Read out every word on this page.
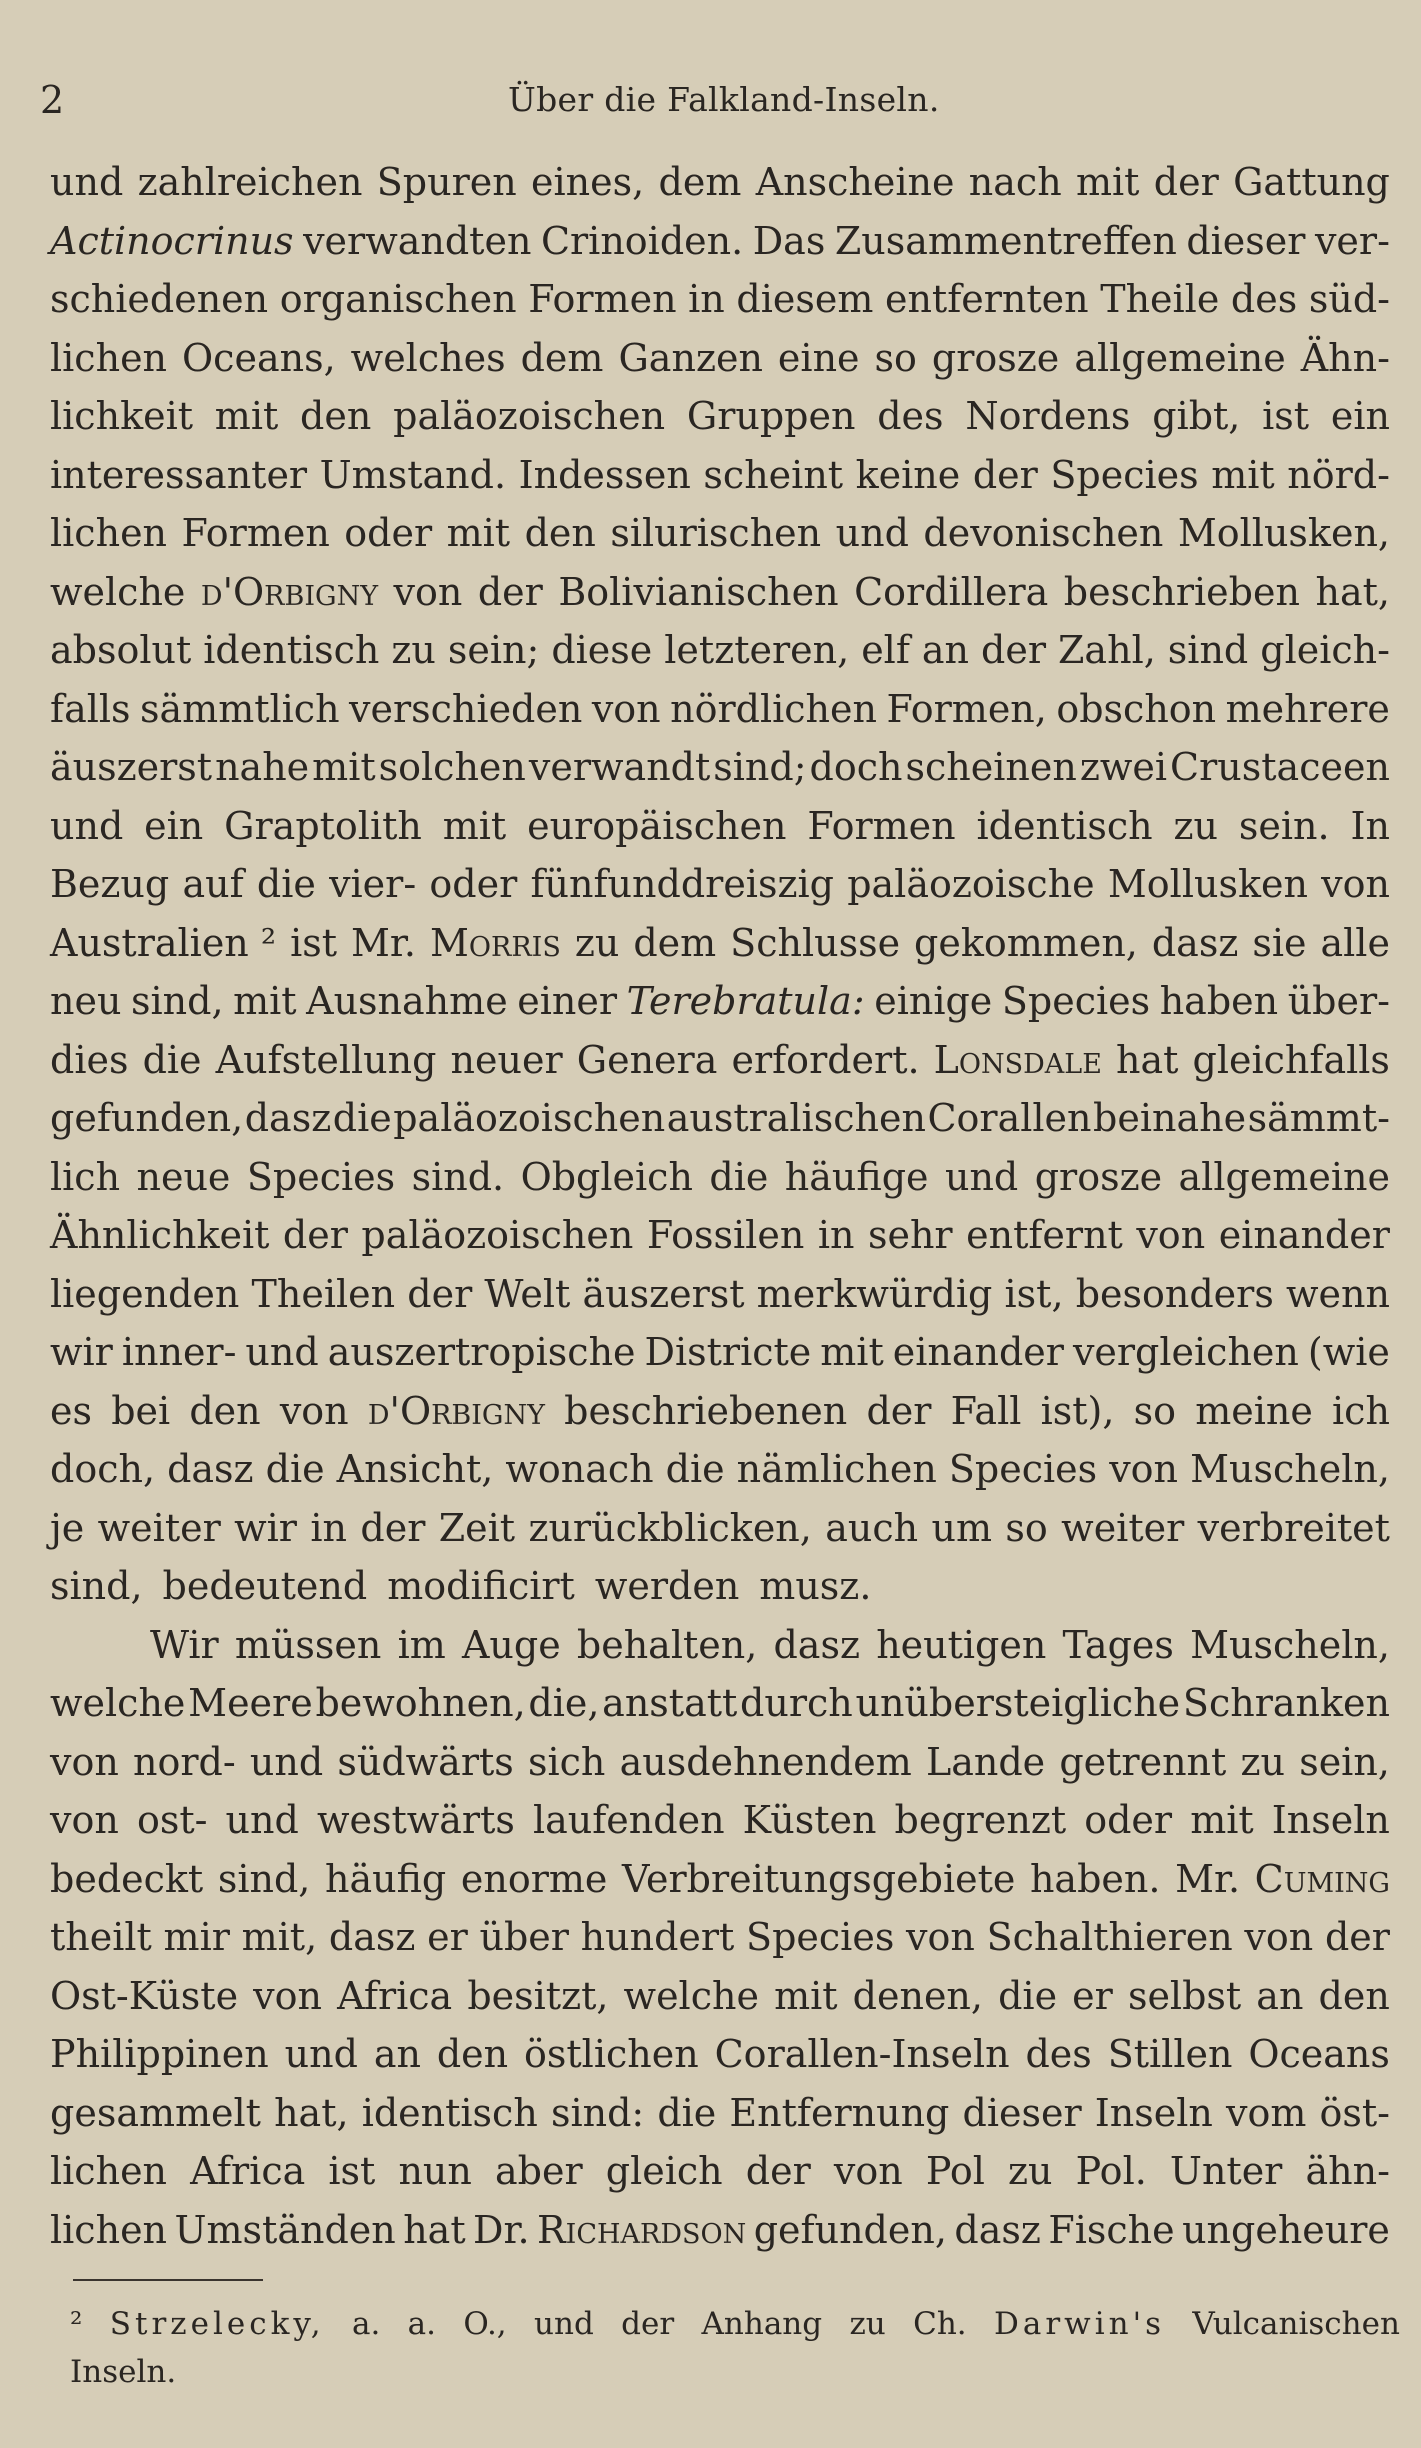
2	Über die Falkland-Inseln.
und zahlreichen Spuren eines, dem Anscheine nach mit der Gattung
Actinocrinus verwandten Crinoiden. Das Zusammentreffen dieser ver-
schiedenen organischen Formen in diesem entfernten Theile des süd-
lichen Oceans, welches dem Ganzen eine so grosze allgemeine Ähn-
lichkeit mit den paläozoischen Gruppen des Nordens gibt, ist ein
interessanter Umstand. Indessen scheint keine der Species mit nörd-
lichen Formen oder mit den silurischen und devonischen Mollusken,
welche d'Orbigny von der Bolivianischen Cordillera beschrieben hat,
absolut identisch zu sein; diese letzteren, elf an der Zahl, sind gleich-
falls sämmtlich verschieden von nördlichen Formen, obschon mehrere
äuszerst nahe mit solchen verwandt sind; doch scheinen zwei Crustaceen
und ein Graptolith mit europäischen Formen identisch zu sein. In
Bezug auf die vier- oder fünfunddreiszig paläozoische Mollusken von
Australien ² ist Mr. Morris zu dem Schlusse gekommen, dasz sie alle
neu sind, mit Ausnahme einer Terebratula: einige Species haben über-
dies die Aufstellung neuer Genera erfordert. Lonsdale hat gleichfalls
gefunden, dasz die paläozoischen australischen Corallen beinahe sämmt-
lich neue Species sind. Obgleich die häufige und grosze allgemeine
Ähnlichkeit der paläozoischen Fossilen in sehr entfernt von einander
liegenden Theilen der Welt äuszerst merkwürdig ist, besonders wenn
wir inner- und auszertropische Districte mit einander vergleichen (wie
es bei den von d'Orbigny beschriebenen der Fall ist), so meine ich
doch, dasz die Ansicht, wonach die nämlichen Species von Muscheln,
je weiter wir in der Zeit zurückblicken, auch um so weiter verbreitet
sind, bedeutend modificirt werden musz.
Wir müssen im Auge behalten, dasz heutigen Tages Muscheln,
welche Meere bewohnen, die, anstatt durch unübersteigliche Schranken
von nord- und südwärts sich ausdehnendem Lande getrennt zu sein,
von ost- und westwärts laufenden Küsten begrenzt oder mit Inseln
bedeckt sind, häufig enorme Verbreitungsgebiete haben. Mr. Cuming
theilt mir mit, dasz er über hundert Species von Schalthieren von der
Ost-Küste von Africa besitzt, welche mit denen, die er selbst an den
Philippinen und an den östlichen Corallen-Inseln des Stillen Oceans
gesammelt hat, identisch sind: die Entfernung dieser Inseln vom öst-
lichen Africa ist nun aber gleich der von Pol zu Pol. Unter ähn-
lichen Umständen hat Dr. Richardson gefunden, dasz Fische ungeheure
² Strzelecky, a. a. O., und der Anhang zu Ch. Darwin's Vulcanischen
Inseln.
